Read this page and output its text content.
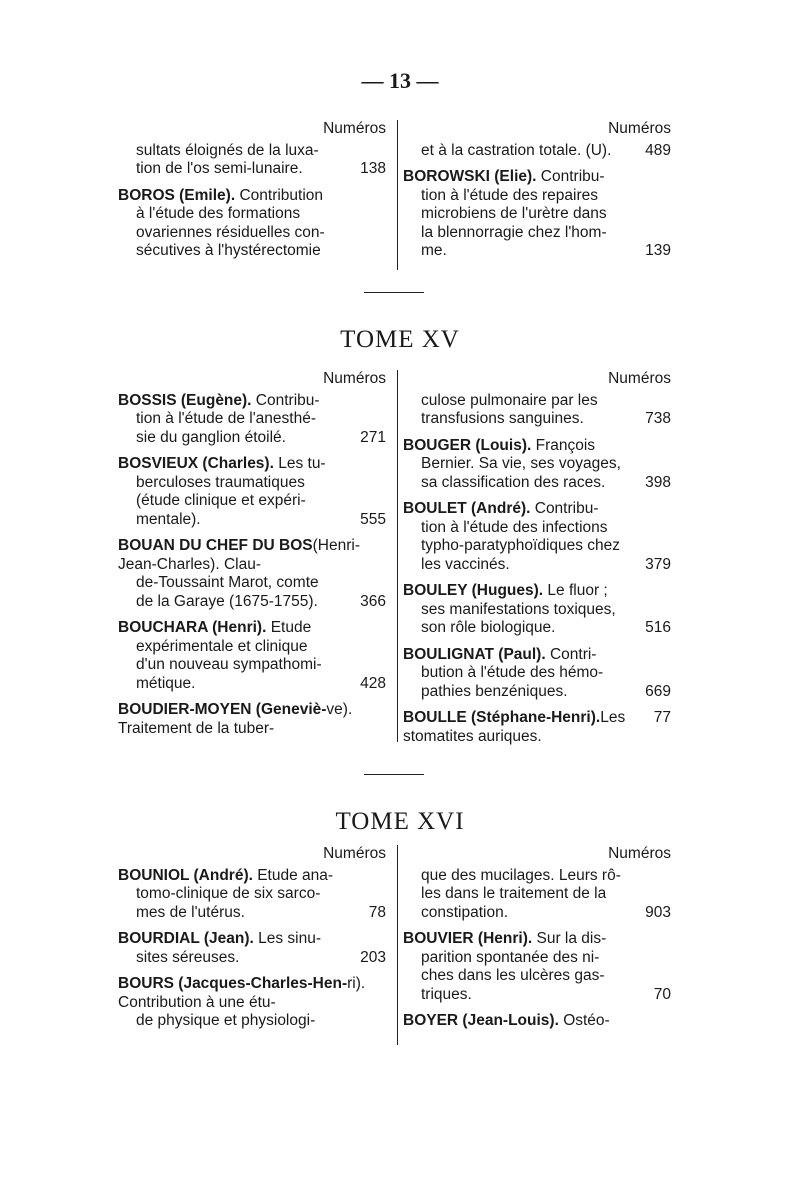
— 13 —
Numéros
sultats éloignés de la luxa-
138
tion de l'os semi-lunaire.
BOROS (Emile). Contribution
à l'étude des formations
ovariennes résiduelles con-
sécutives à l'hystérectomie
Numéros
489
et à la castration totale. (U).
BOROWSKI (Elie). Contribu-
tion à l'étude des repaires
microbiens de l'urètre dans
la blennorragie chez l'hom-
139
me.
TOME XV
Numéros
BOSSIS (Eugène). Contribu-
tion à l'étude de l'anesthé-
271
sie du ganglion étoilé.
BOSVIEUX (Charles). Les tu-
berculoses traumatiques
(étude clinique et expéri-
555
mentale).
BOUAN DU CHEF DU BOS(Henri-Jean-Charles). Clau-
de-Toussaint Marot, comte
366
de la Garaye (1675-1755).
BOUCHARA (Henri). Etude
expérimentale et clinique
d'un nouveau sympathomi-
428
métique.
BOUDIER-MOYEN (Geneviè-ve). Traitement de la tuber-
Numéros
culose pulmonaire par les
738
transfusions sanguines.
BOUGER (Louis). François
Bernier. Sa vie, ses voyages,
398
sa classification des races.
BOULET (André). Contribu-
tion à l'étude des infections
typho-paratyphoïdiques chez
379
les vaccinés.
BOULEY (Hugues). Le fluor ;
ses manifestations toxiques,
516
son rôle biologique.
BOULIGNAT (Paul). Contri-
bution à l'étude des hémo-
669
pathies benzéniques.
BOULLE (Stéphane-Henri).	77
Les stomatites auriques.
TOME XVI
Numéros
BOUNIOL (André). Etude ana-
tomo-clinique de six sarco-
78
mes de l'utérus.
BOURDIAL (Jean). Les sinu-
203
sites séreuses.
BOURS (Jacques-Charles-Hen-ri). Contribution à une étu-
de physique et physiologi-
Numéros
que des mucilages. Leurs rô-
les dans le traitement de la
903
constipation.
BOUVIER (Henri). Sur la dis-
parition spontanée des ni-
ches dans les ulcères gas-
70
triques.
BOYER (Jean-Louis). Ostéo-
